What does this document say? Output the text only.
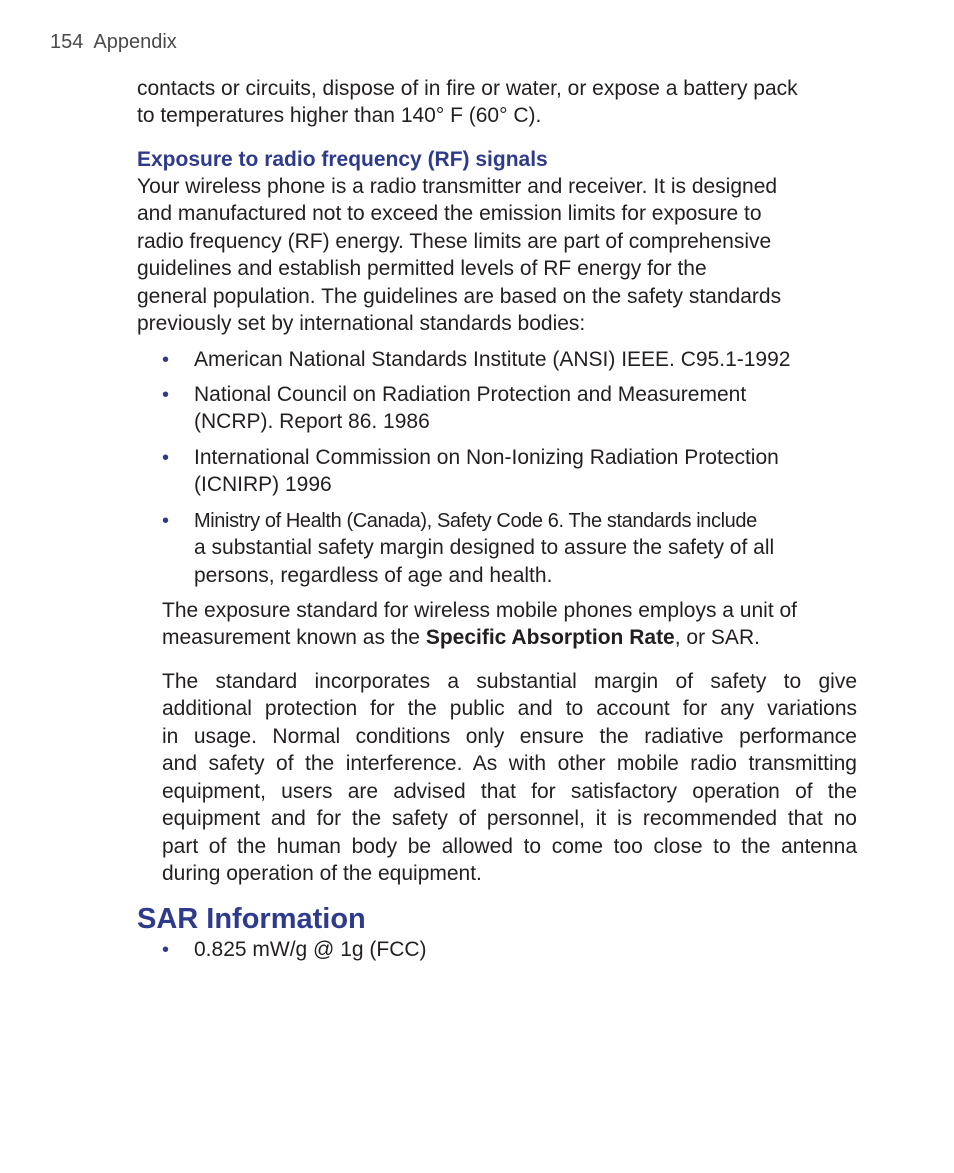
154 Appendix
contacts or circuits, dispose of in fire or water, or expose a battery pack
to temperatures higher than 140° F (60° C).
Exposure to radio frequency (RF) signals
Your wireless phone is a radio transmitter and receiver. It is designed
and manufactured not to exceed the emission limits for exposure to
radio frequency (RF) energy. These limits are part of comprehensive
guidelines and establish permitted levels of RF energy for the
general population. The guidelines are based on the safety standards
previously set by international standards bodies:
• American National Standards Institute (ANSI) IEEE. C95.1-1992
• National Council on Radiation Protection and Measurement
(NCRP). Report 86. 1986
• International Commission on Non-Ionizing Radiation Protection
(ICNIRP) 1996
• Ministry of Health (Canada), Safety Code 6. The standards include
a substantial safety margin designed to assure the safety of all
persons, regardless of age and health.
The exposure standard for wireless mobile phones employs a unit of
measurement known as the Specific Absorption Rate, or SAR.
The standard incorporates a substantial margin of safety to give
additional protection for the public and to account for any variations
in usage. Normal conditions only ensure the radiative performance
and safety of the interference. As with other mobile radio transmitting
equipment, users are advised that for satisfactory operation of the
equipment and for the safety of personnel, it is recommended that no
part of the human body be allowed to come too close to the antenna
during operation of the equipment.
SAR Information
• 0.825 mW/g @ 1g (FCC)
